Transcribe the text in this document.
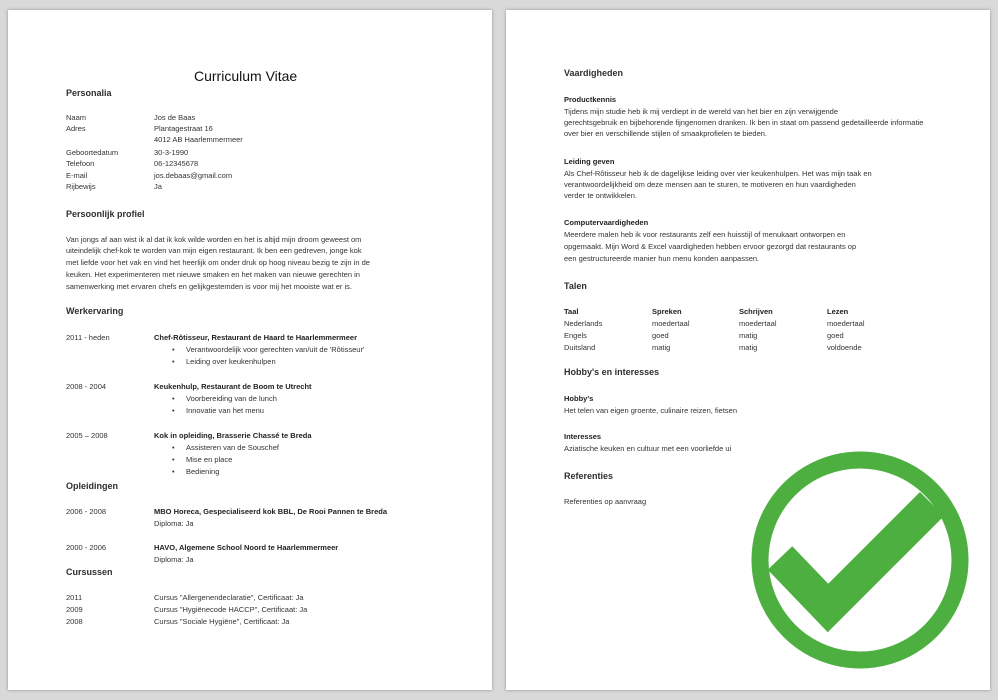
Curriculum Vitae
Personalia
Naam	Jos de Baas
Adres	Plantagestraat 16
4012 AB Haarlemmermeer
Geboortedatum	30-3-1990
Telefoon	06-12345678
E-mail	jos.debaas@gmail.com
Rijbewijs	Ja
Persoonlijk profiel
Van jongs af aan wist ik al dat ik kok wilde worden en het is altijd mijn droom geweest om
uiteindelijk chef-kok te worden van mijn eigen restaurant. Ik ben een gedreven, jonge kok
met liefde voor het vak en vind het heerlijk om onder druk op hoog niveau bezig te zijn in de
keuken. Het experimenteren met nieuwe smaken en het maken van nieuwe gerechten in
samenwerking met ervaren chefs en gelijkgestemden is voor mij het mooiste wat er is.
Werkervaring
2011 - heden	Chef-Rôtisseur, Restaurant de Haard te Haarlemmermeer
• Verantwoordelijk voor gerechten van/uit de 'Rôtisseur'
• Leiding over keukenhulpen
2008 - 2004	Keukenhulp, Restaurant de Boom te Utrecht
• Voorbereiding van de lunch
• Innovatie van het menu
2005 – 2008	Kok in opleiding, Brasserie Chassé te Breda
• Assisteren van de Souschef
• Mise en place
• Bediening
Opleidingen
2006 - 2008	MBO Horeca, Gespecialiseerd kok BBL, De Rooi Pannen te Breda
Diploma: Ja
2000 - 2006	HAVO, Algemene School Noord te Haarlemmermeer
Diploma: Ja
Cursussen
2011	Cursus "Allergenendeclaratie", Certificaat: Ja
2009	Cursus "Hygiënecode HACCP", Certificaat: Ja
2008	Cursus "Sociale Hygiëne", Certificaat: Ja
Vaardigheden
Productkennis
Tijdens mijn studie heb ik mij verdiept in de wereld van het bier en zijn verwijgende
gerechtsgebruik en bijbehorende fijngenomen dranken. Ik ben in staat om passend gedetailleerde informatie
over bier en verschillende stijlen of smaakprofielen te bieden.
Leiding geven
Als Chef-Rôtisseur heb ik de dagelijkse leiding over vier keukenhulpen. Het was mijn taak en
verantwoordelijkheid om deze mensen aan te sturen, te motiveren en hun vaardigheden
verder te ontwikkelen.
Computervaardigheden
Meerdere malen heb ik voor restaurants zelf een huisstijl of menukaart ontworpen en
opgemaakt. Mijn Word & Excel vaardigheden hebben ervoor gezorgd dat restaurants op
een gestructureerde manier hun menu konden aanpassen.
Talen
Taal	Spreken	Schrijven	Lezen
Nederlands	moedertaal	moedertaal	moedertaal
Engels	goed	matig	goed
Duitsland	matig	matig	voldoende
Hobby's en interesses
Hobby's
Het telen van eigen groente, culinaire reizen, fietsen
Interesses
Aziatische keuken en cultuur met een voorliefde ui
Referenties
Referenties op aanvraag
